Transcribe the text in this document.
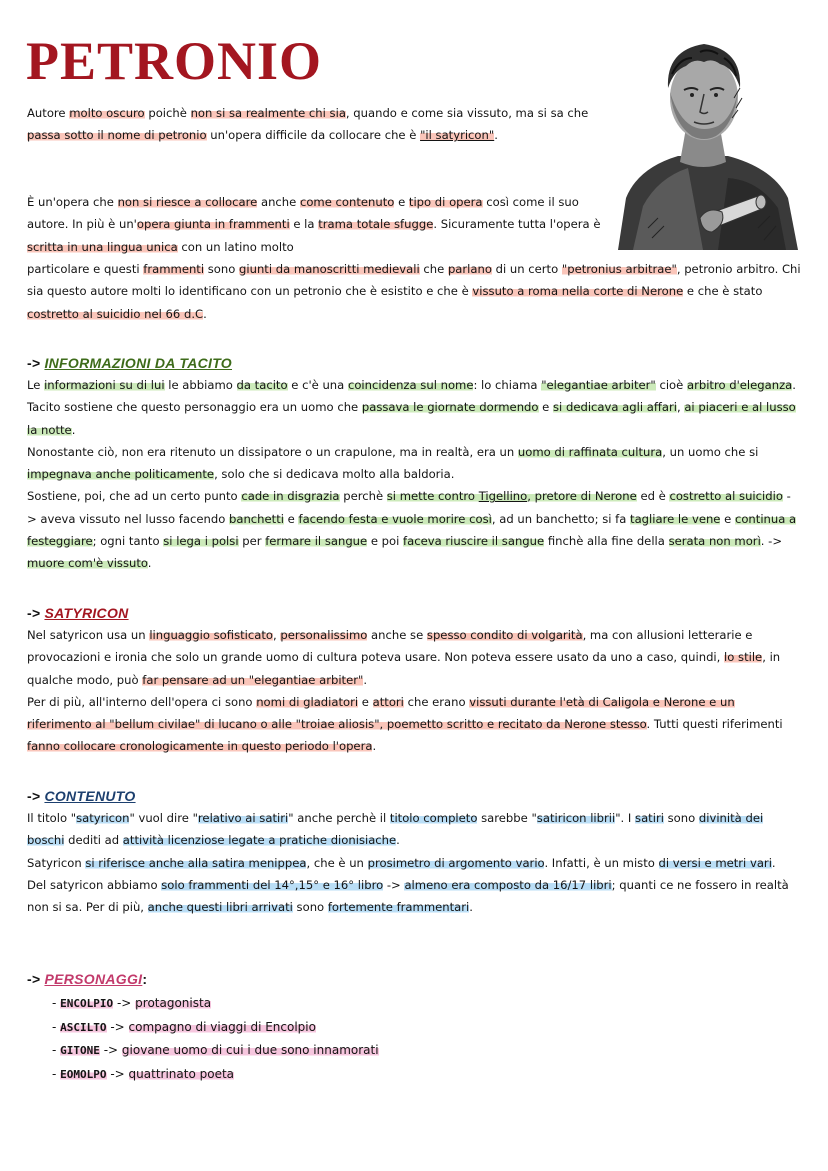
PETRONIO

Autore molto oscuro poichè non si sa realmente chi sia, quando e come sia vissuto, ma si sa che passa sotto il nome di petronio un'opera difficile da collocare che è "il satyricon".

È un'opera che non si riesce a collocare anche come contenuto e tipo di opera così come il suo autore. In più è un'opera giunta in frammenti e la trama totale sfugge. Sicuramente tutta l'opera è scritta in una lingua unica con un latino molto

particolare e questi frammenti sono giunti da manoscritti medievali che parlano di un certo "petronius arbitrae", petronio arbitro. Chi sia questo autore molti lo identificano con un petronio che è esistito e che è vissuto a roma nella corte di Nerone e che è stato costretto al suicidio nel 66 d.C.

-> INFORMAZIONI DA TACITO

Le informazioni su di lui le abbiamo da tacito e c'è una coincidenza sul nome: lo chiama "elegantiae arbiter" cioè arbitro d'eleganza. Tacito sostiene che questo personaggio era un uomo che passava le giornate dormendo e si dedicava agli affari, ai piaceri e al lusso la notte.

Nonostante ciò, non era ritenuto un dissipatore o un crapulone, ma in realtà, era un uomo di raffinata cultura, un uomo che si impegnava anche politicamente, solo che si dedicava molto alla baldoria.

Sostiene, poi, che ad un certo punto cade in disgrazia perchè si mette contro Tigellino, pretore di Nerone ed è costretto al suicidio -> aveva vissuto nel lusso facendo banchetti e facendo festa e vuole morire così, ad un banchetto; si fa tagliare le vene e continua a festeggiare; ogni tanto si lega i polsi per fermare il sangue e poi faceva riuscire il sangue finchè alla fine della serata non morì. -> muore com'è vissuto.

-> SATYRICON

Nel satyricon usa un linguaggio sofisticato, personalissimo anche se spesso condito di volgarità, ma con allusioni letterarie e provocazioni e ironia che solo un grande uomo di cultura poteva usare. Non poteva essere usato da uno a caso, quindi, lo stile, in qualche modo, può far pensare ad un "elegantiae arbiter".

Per di più, all'interno dell'opera ci sono nomi di gladiatori e attori che erano vissuti durante l'età di Caligola e Nerone e un riferimento al "bellum civilae" di lucano o alle "troiae aliosis", poemetto scritto e recitato da Nerone stesso. Tutti questi riferimenti fanno collocare cronologicamente in questo periodo l'opera.

-> CONTENUTO

Il titolo "satyricon" vuol dire "relativo ai satiri" anche perchè il titolo completo sarebbe "satiricon librii". I satiri sono divinità dei boschi dediti ad attività licenziose legate a pratiche dionisiache.

Satyricon si riferisce anche alla satira menippea, che è un prosimetro di argomento vario. Infatti, è un misto di versi e metri vari.

Del satyricon abbiamo solo frammenti del 14°,15° e 16° libro -> almeno era composto da 16/17 libri; quanti ce ne fossero in realtà non si sa. Per di più, anche questi libri arrivati sono fortemente frammentari.

-> PERSONAGGI:
- ENCOLPIO -> protagonista
- ASCILTO -> compagno di viaggi di Encolpio
- GITONE -> giovane uomo di cui i due sono innamorati
- EOMOLPO -> quattrinato poeta
